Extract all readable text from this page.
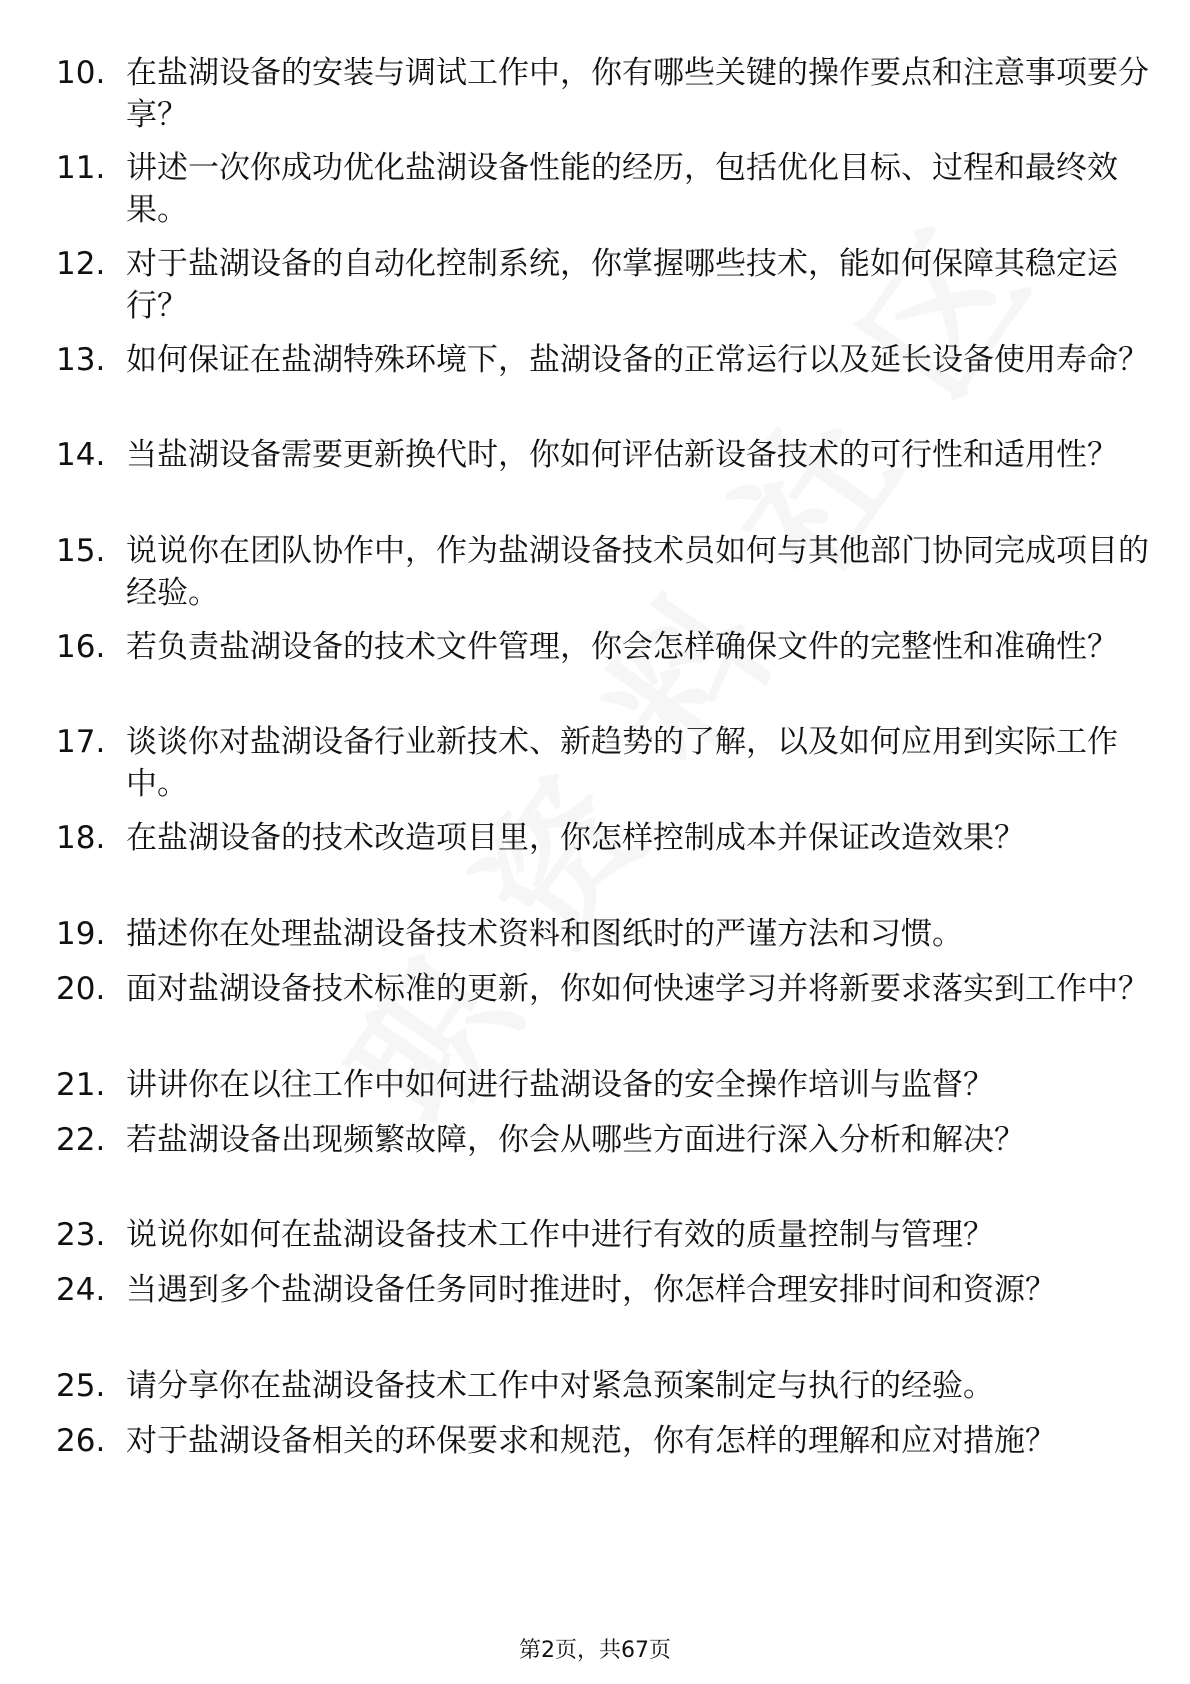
10. 在盐湖设备的安装与调试工作中，你有哪些关键的操作要点和注意事项要分享？
11. 讲述一次你成功优化盐湖设备性能的经历，包括优化目标、过程和最终效果。
12. 对于盐湖设备的自动化控制系统，你掌握哪些技术，能如何保障其稳定运行？
13. 如何保证在盐湖特殊环境下，盐湖设备的正常运行以及延长设备使用寿命？
14. 当盐湖设备需要更新换代时，你如何评估新设备技术的可行性和适用性？
15. 说说你在团队协作中，作为盐湖设备技术员如何与其他部门协同完成项目的经验。
16. 若负责盐湖设备的技术文件管理，你会怎样确保文件的完整性和准确性？
17. 谈谈你对盐湖设备行业新技术、新趋势的了解，以及如何应用到实际工作中。
18. 在盐湖设备的技术改造项目里，你怎样控制成本并保证改造效果？
19. 描述你在处理盐湖设备技术资料和图纸时的严谨方法和习惯。
20. 面对盐湖设备技术标准的更新，你如何快速学习并将新要求落实到工作中？
21. 讲讲你在以往工作中如何进行盐湖设备的安全操作培训与监督？
22. 若盐湖设备出现频繁故障，你会从哪些方面进行深入分析和解决？
23. 说说你如何在盐湖设备技术工作中进行有效的质量控制与管理？
24. 当遇到多个盐湖设备任务同时推进时，你怎样合理安排时间和资源？
25. 请分享你在盐湖设备技术工作中对紧急预案制定与执行的经验。
26. 对于盐湖设备相关的环保要求和规范，你有怎样的理解和应对措施？
第2页，共67页
